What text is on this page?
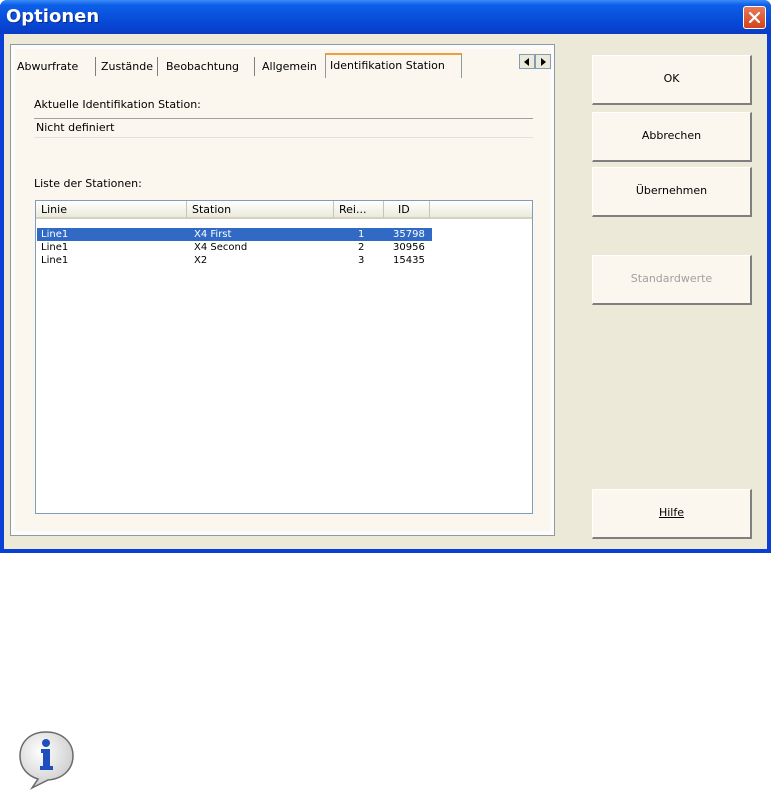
Optionen
Abwurfrate	Zustände	Beobachtung	Allgemein	Identifikation Station
Aktuelle Identifikation Station:
Nicht definiert
Liste der Stationen:
Linie	Station	Rei...	ID
Line1	X4 First	1	35798
Line1	X4 Second	2	30956
Line1	X2	3	15435
OK
Abbrechen
Übernehmen
Standardwerte
Hilfe
